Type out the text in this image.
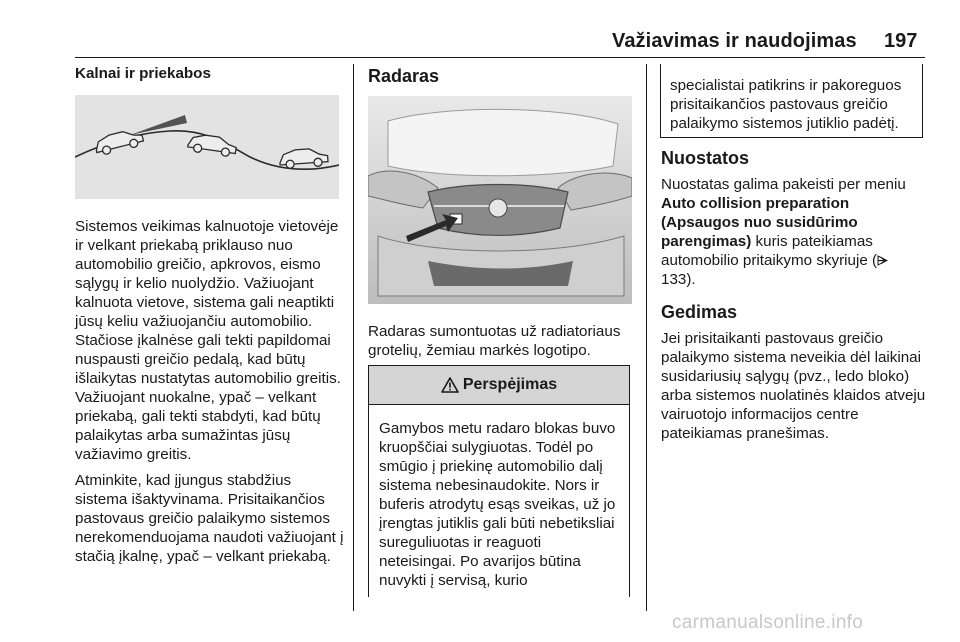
Važiavimas ir naudojimas 197
Kalnai ir priekabos

Sistemos veikimas kalnuotoje vietovėje ir velkant priekabą priklauso nuo automobilio greičio, apkrovos, eismo sąlygų ir kelio nuolydžio. Važiuojant kalnuota vietove, sistema gali neaptikti jūsų keliu važiuojančiu automobilio. Stačiose įkalnėse gali tekti papildomai nuspausti greičio pedalą, kad būtų išlaikytas nustatytas automobilio greitis. Važiuojant nuokalne, ypač – velkant priekabą, gali tekti stabdyti, kad būtų palaikytas arba sumažintas jūsų važiavimo greitis.

Atminkite, kad įjungus stabdžius sistema išaktyvinama. Prisitaikančios pastovaus greičio palaikymo sistemos nerekomenduojama naudoti važiuojant į stačią įkalnę, ypač – velkant priekabą.

Radaras

Radaras sumontuotas už radiatoriaus grotelių, žemiau markės logotipo.

Perspėjimas
Gamybos metu radaro blokas buvo kruopščiai sulygiuotas. Todėl po smūgio į priekinę automobilio dalį sistema nebesinaudokite. Nors ir buferis atrodytų esąs sveikas, už jo įrengtas jutiklis gali būti nebetiksliai sureguliuotas ir reaguoti neteisingai. Po avarijos būtina nuvykti į servisą, kurio
specialistai patikrins ir pakoreguos prisitaikančios pastovaus greičio palaikymo sistemos jutiklio padėtį.
Nuostatos

Nuostatas galima pakeisti per meniu Auto collision preparation (Apsaugos nuo susidūrimo parengimas) kuris pateikiamas automobilio pritaikymo skyriuje ( 133).

Gedimas

Jei prisitaikanti pastovaus greičio palaikymo sistema neveikia dėl laikinai susidariusių sąlygų (pvz., ledo bloko) arba sistemos nuolatinės klaidos atveju vairuotojo informacijos centre pateikiamas pranešimas.

carmanualsonline.info
